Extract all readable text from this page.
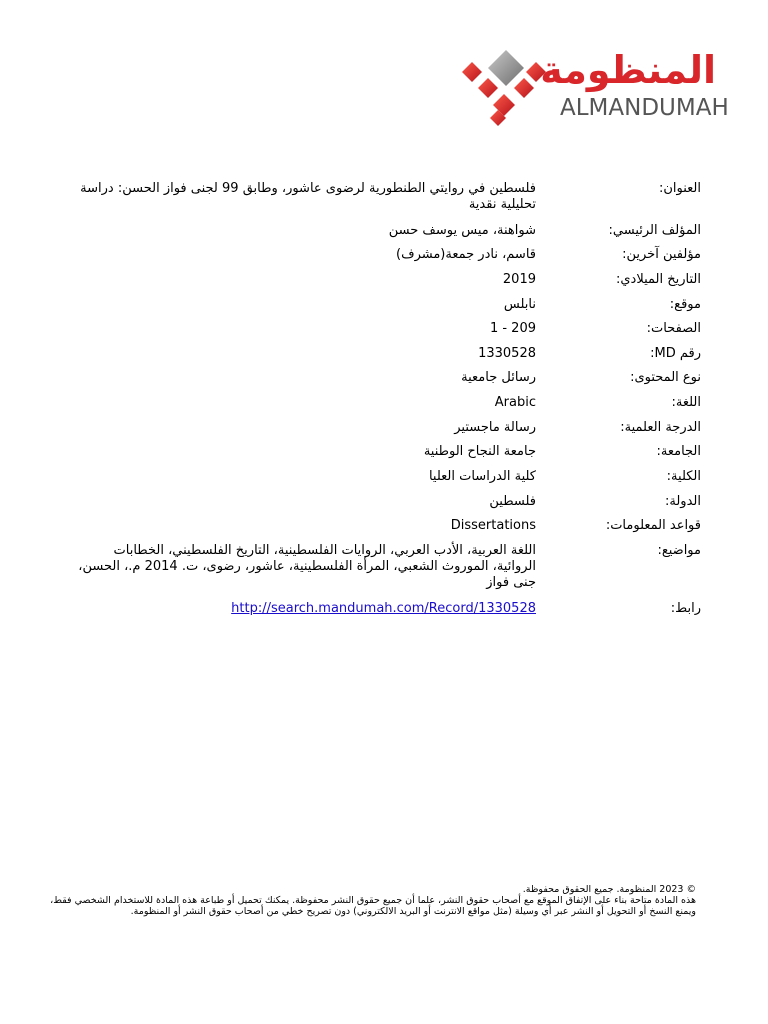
المنظومة
ALMANDUMAH
العنوان:
فلسطين في روايتي الطنطورية لرضوى عاشور، وطابق 99 لجنى فواز الحسن: دراسة تحليلية نقدية
المؤلف الرئيسي:
شواهنة، ميس يوسف حسن
مؤلفين آخرين:
قاسم، نادر جمعة(مشرف)
التاريخ الميلادي:
2019
موقع:
نابلس
الصفحات:
1 - 209
رقم MD:
1330528
نوع المحتوى:
رسائل جامعية
اللغة:
Arabic
الدرجة العلمية:
رسالة ماجستير
الجامعة:
جامعة النجاح الوطنية
الكلية:
كلية الدراسات العليا
الدولة:
فلسطين
قواعد المعلومات:
Dissertations
مواضيع:
اللغة العربية، الأدب العربي، الروايات الفلسطينية، التاريخ الفلسطيني، الخطابات الروائية، الموروث الشعبي، المرأة الفلسطينية، عاشور، رضوى، ت. 2014 م.، الحسن، جنى فواز
رابط:
http://search.mandumah.com/Record/1330528

© 2023 المنظومة. جميع الحقوق محفوظة.

هذه المادة متاحة بناء على الإتفاق الموقع مع أصحاب حقوق النشر، علما أن جميع حقوق النشر محفوظة. يمكنك تحميل أو طباعة هذه المادة للاستخدام الشخصي فقط، ويمنع النسخ أو التحويل أو النشر عبر أي وسيلة (مثل مواقع الانترنت أو البريد الالكتروني) دون تصريح خطي من أصحاب حقوق النشر أو المنظومة.
